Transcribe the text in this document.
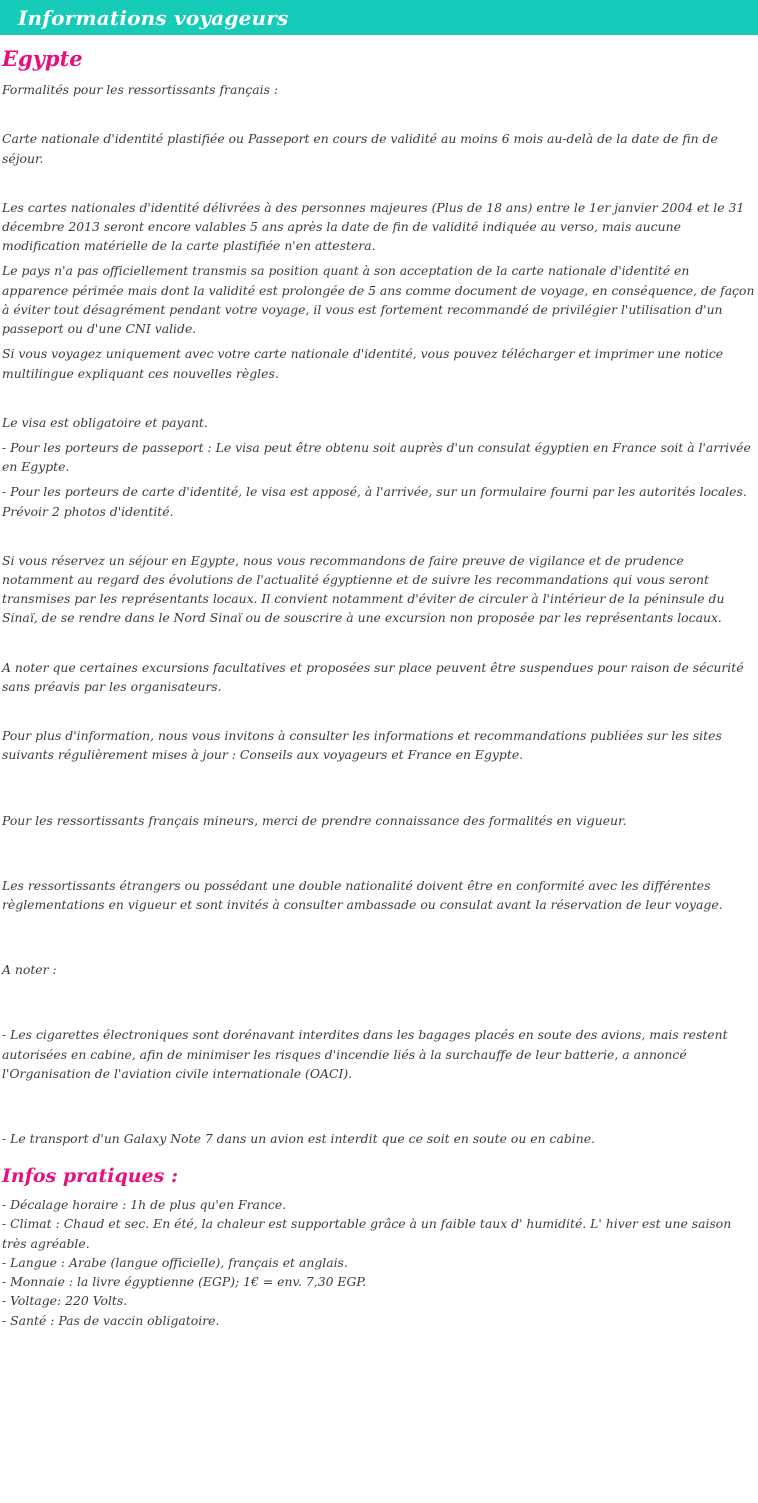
Informations voyageurs
Egypte

Formalités pour les ressortissants français :

Carte nationale d'identité plastifiée ou Passeport en cours de validité au moins 6 mois au-delà de la date de fin de séjour.

Les cartes nationales d'identité délivrées à des personnes majeures (Plus de 18 ans) entre le 1er janvier 2004 et le 31 décembre 2013 seront encore valables 5 ans après la date de fin de validité indiquée au verso, mais aucune modification matérielle de la carte plastifiée n'en attestera.

Le pays n'a pas officiellement transmis sa position quant à son acceptation de la carte nationale d'identité en apparence périmée mais dont la validité est prolongée de 5 ans comme document de voyage, en conséquence, de façon à éviter tout désagrément pendant votre voyage, il vous est fortement recommandé de privilégier l'utilisation d'un passeport ou d'une CNI valide.

Si vous voyagez uniquement avec votre carte nationale d'identité, vous pouvez télécharger et imprimer une notice multilingue expliquant ces nouvelles règles.

Le visa est obligatoire et payant.

- Pour les porteurs de passeport : Le visa peut être obtenu soit auprès d'un consulat égyptien en France soit à l'arrivée en Egypte.

- Pour les porteurs de carte d'identité, le visa est apposé, à l'arrivée, sur un formulaire fourni par les autorités locales. Prévoir 2 photos d'identité.

Si vous réservez un séjour en Egypte, nous vous recommandons de faire preuve de vigilance et de prudence notamment au regard des évolutions de l'actualité égyptienne et de suivre les recommandations qui vous seront transmises par les représentants locaux. Il convient notamment d'éviter de circuler à l'intérieur de la péninsule du Sinaï, de se rendre dans le Nord Sinaï ou de souscrire à une excursion non proposée par les représentants locaux.

A noter que certaines excursions facultatives et proposées sur place peuvent être suspendues pour raison de sécurité sans préavis par les organisateurs.

Pour plus d'information, nous vous invitons à consulter les informations et recommandations publiées sur les sites suivants régulièrement mises à jour : Conseils aux voyageurs et France en Egypte.

Pour les ressortissants français mineurs, merci de prendre connaissance des formalités en vigueur.

Les ressortissants étrangers ou possédant une double nationalité doivent être en conformité avec les différentes règlementations en vigueur et sont invités à consulter ambassade ou consulat avant la réservation de leur voyage.

A noter :

- Les cigarettes électroniques sont dorénavant interdites dans les bagages placés en soute des avions, mais restent autorisées en cabine, afin de minimiser les risques d'incendie liés à la surchauffe de leur batterie, a annoncé l'Organisation de l'aviation civile internationale (OACI).

- Le transport d'un Galaxy Note 7 dans un avion est interdit que ce soit en soute ou en cabine.

Infos pratiques :

- Décalage horaire : 1h de plus qu'en France.

- Climat : Chaud et sec. En été, la chaleur est supportable grâce à un faible taux d' humidité. L' hiver est une saison très agréable.

- Langue : Arabe (langue officielle), français et anglais.

- Monnaie : la livre égyptienne (EGP); 1€ = env. 7,30 EGP.

- Voltage: 220 Volts.

- Santé : Pas de vaccin obligatoire.
